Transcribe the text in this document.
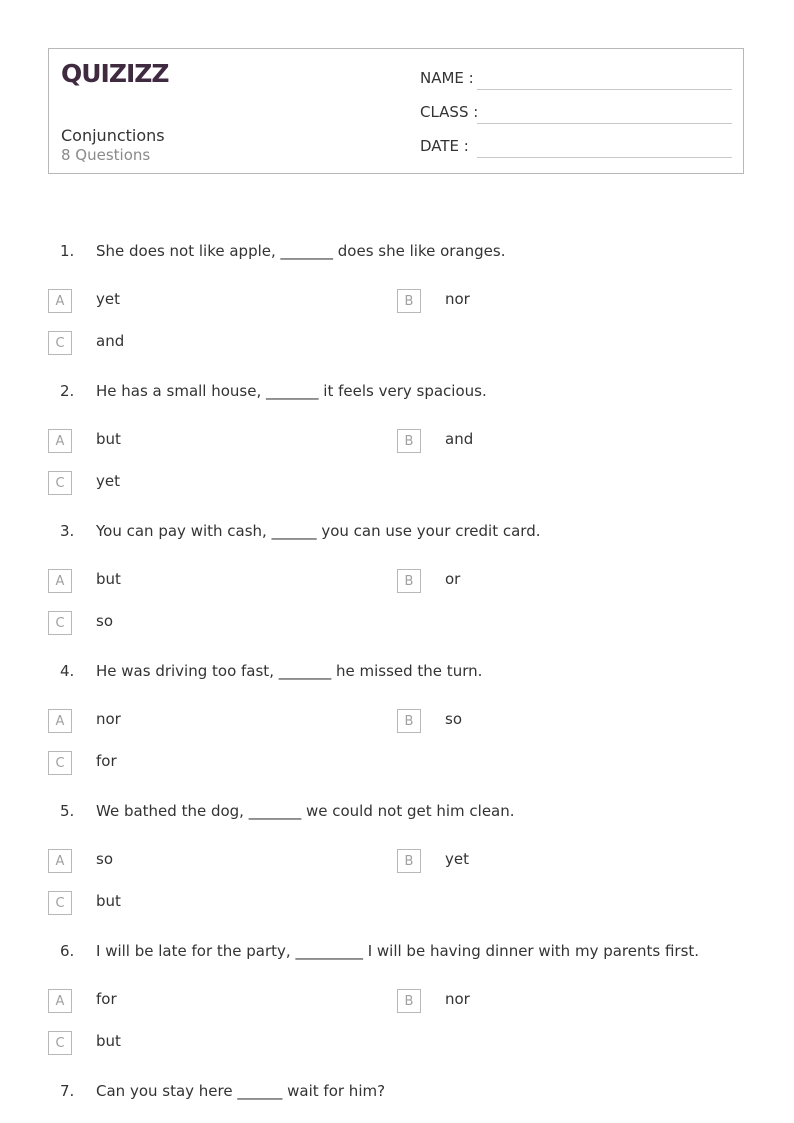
QUIZIZZ
Conjunctions
8 Questions
NAME :
CLASS :
DATE :
1. She does not like apple, _______ does she like oranges.
A	yet	B	nor
C	and
2. He has a small house, _______ it feels very spacious.
A	but	B	and
C	yet
3. You can pay with cash, ______ you can use your credit card.
A	but	B	or
C	so
4. He was driving too fast, _______ he missed the turn.
A	nor	B	so
C	for
5. We bathed the dog, _______ we could not get him clean.
A	so	B	yet
C	but
6. I will be late for the party, _________ I will be having dinner with my parents first.
A	for	B	nor
C	but
7. Can you stay here ______ wait for him?
